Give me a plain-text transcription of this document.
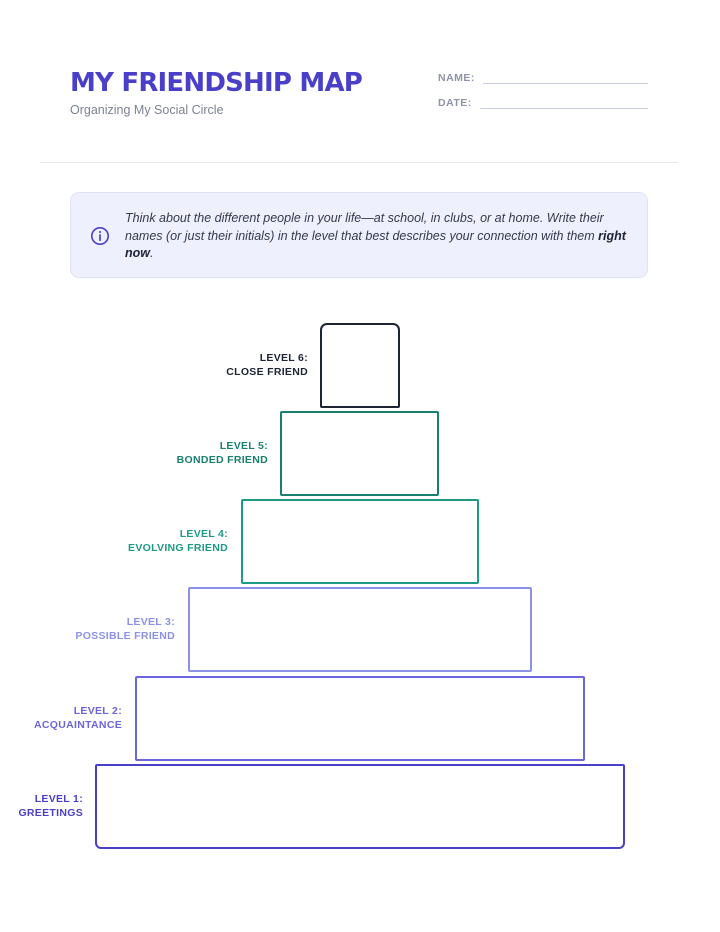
MY FRIENDSHIP MAP
Organizing My Social Circle
NAME:
DATE:
Think about the different people in your life—at school, in clubs, or at home. Write their names (or just their initials) in the level that best describes your connection with them right now.
LEVEL 6:
CLOSE FRIEND
LEVEL 5:
BONDED FRIEND
LEVEL 4:
EVOLVING FRIEND
LEVEL 3:
POSSIBLE FRIEND
LEVEL 2:
ACQUAINTANCE
LEVEL 1:
GREETINGS
